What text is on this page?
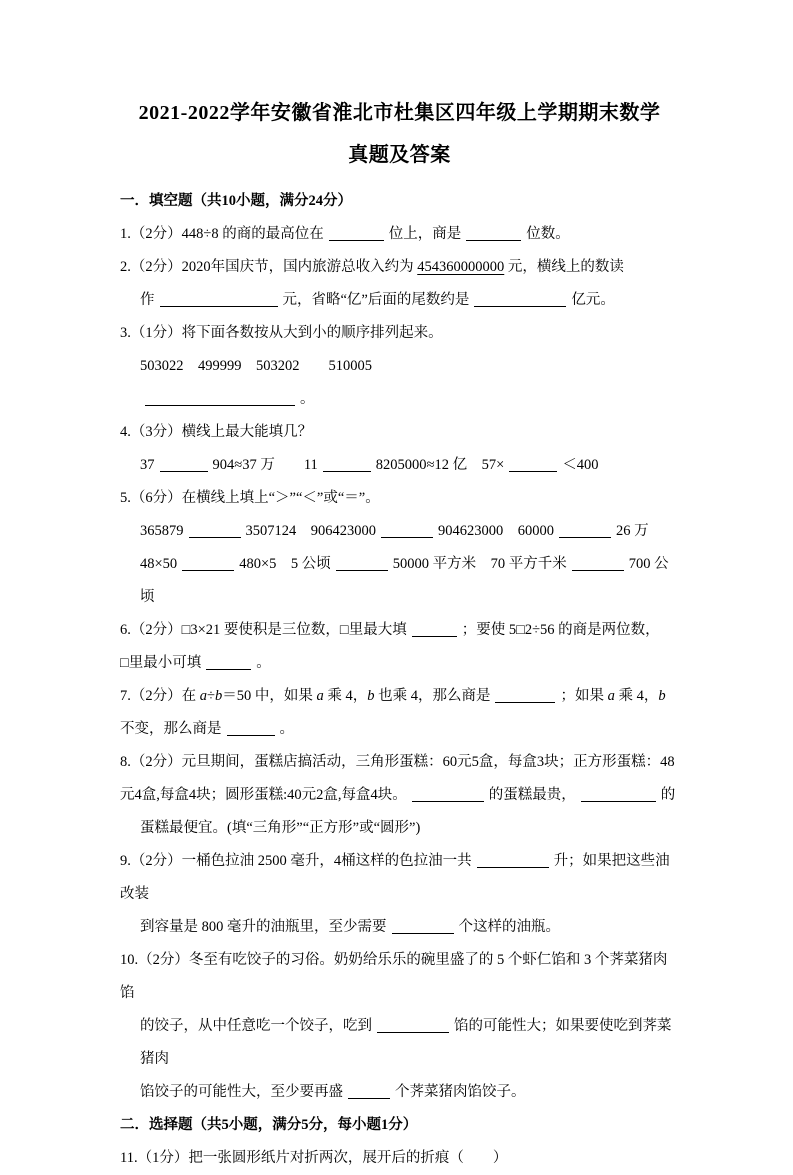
2021-2022学年安徽省淮北市杜集区四年级上学期期末数学
真题及答案
一．填空题（共10小题，满分24分）
1.（2分）448÷8 的商的最高位在	位上，商是	位数。
2.（2分）2020年国庆节，国内旅游总收入约为 454360000000 元，横线上的数读
作	元，省略“亿”后面的尾数约是	亿元。
3.（1分）将下面各数按从大到小的顺序排列起来。
503022　499999　503202　　510005
。
4.（3分）横线上最大能填几？
37	904≈37 万　　11	8205000≈12 亿　57×	＜400
5.（6分）在横线上填上“＞”“＜”或“＝”。
365879	3507124　906423000	904623000　60000	26 万
48×50	480×5　5 公顷	50000 平方米　70 平方千米	700 公顷
6.（2分）□3×21 要使积是三位数，□里最大填	；要使 5□2÷56 的商是两位数，
□里最小可填	。
7.（2分）在 a÷b＝50 中，如果 a 乘 4，b 也乘 4，那么商是	；如果 a 乘 4，b
不变，那么商是	。
8.（2分）元旦期间，蛋糕店搞活动，三角形蛋糕：60元5盒，每盒3块；正方形蛋糕：48
元4盒,每盒4块；圆形蛋糕:40元2盒,每盒4块。	的蛋糕最贵，	的
蛋糕最便宜。(填“三角形”“正方形”或“圆形”)
9.（2分）一桶色拉油 2500 毫升，4桶这样的色拉油一共	升；如果把这些油改装
到容量是 800 毫升的油瓶里，至少需要	个这样的油瓶。
10.（2分）冬至有吃饺子的习俗。奶奶给乐乐的碗里盛了的 5 个虾仁馅和 3 个荠菜猪肉馅
的饺子，从中任意吃一个饺子，吃到	馅的可能性大；如果要使吃到荠菜猪肉
馅饺子的可能性大，至少要再盛	个荠菜猪肉馅饺子。
二．选择题（共5小题，满分5分，每小题1分）
11.（1分）把一张圆形纸片对折两次，展开后的折痕（　　）
